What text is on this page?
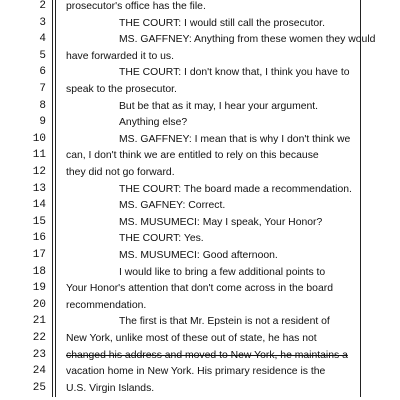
2 prosecutor's office has the file.
3	THE COURT: I would still call the prosecutor.
4	MS. GAFFNEY: Anything from these women they would
5 have forwarded it to us.
6	THE COURT: I don't know that, I think you have to
7 speak to the prosecutor.
8	But be that as it may, I hear your argument.
9	Anything else?
10	MS. GAFFNEY: I mean that is why I don't think we
11 can, I don't think we are entitled to rely on this because
12 they did not go forward.
13	THE COURT: The board made a recommendation.
14	MS. GAFNEY: Correct.
15	MS. MUSUMECI: May I speak, Your Honor?
16	THE COURT: Yes.
17	MS. MUSUMECI: Good afternoon.
18	I would like to bring a few additional points to
19 Your Honor's attention that don't come across in the board
20 recommendation.
21	The first is that Mr. Epstein is not a resident of
22 New York, unlike most of these out of state, he has not
23 changed his address and moved to New York, he maintains a
24 vacation home in New York. His primary residence is the
25 U.S. Virgin Islands.
